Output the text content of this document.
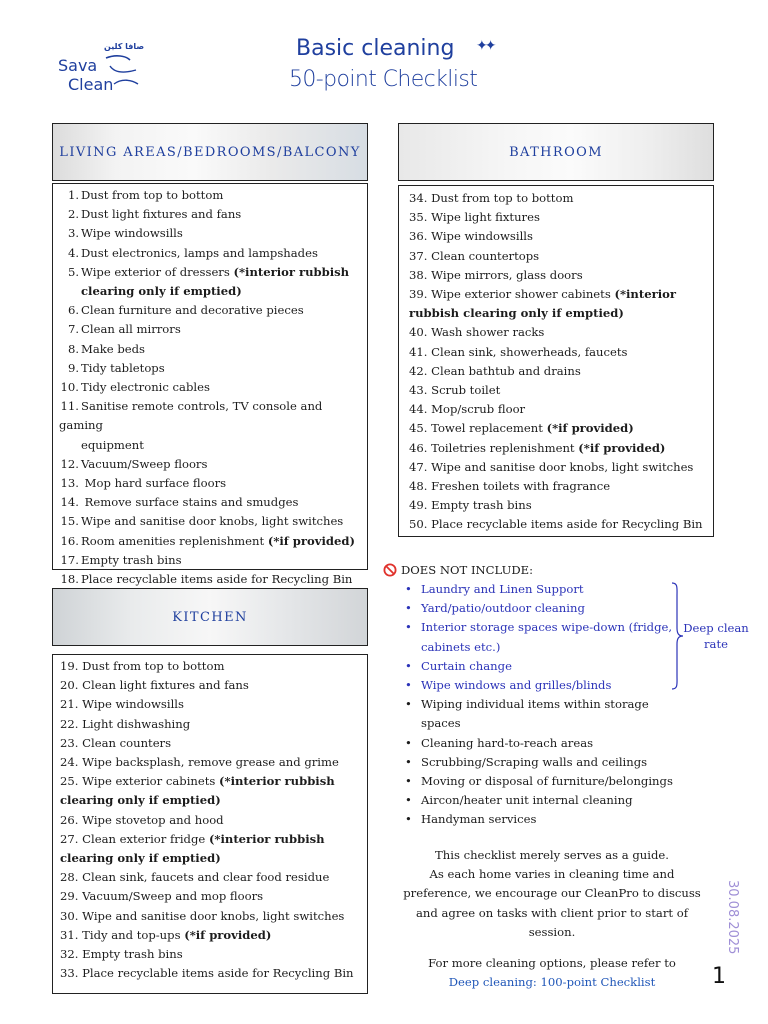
صافا كلين
Sava
Clean
Basic cleaning ✦✦
50-point Checklist
LIVING AREAS/BEDROOMS/BALCONY
1. Dust from top to bottom
2. Dust light fixtures and fans
3. Wipe windowsills
4. Dust electronics, lamps and lampshades
5. Wipe exterior of dressers (*interior rubbish
clearing only if emptied)
6. Clean furniture and decorative pieces
7. Clean all mirrors
8. Make beds
9. Tidy tabletops
10. Tidy electronic cables
11. Sanitise remote controls, TV console and gaming
equipment
12. Vacuum/Sweep floors
13. Mop hard surface floors
14. Remove surface stains and smudges
15. Wipe and sanitise door knobs, light switches
16. Room amenities replenishment (*if provided)
17. Empty trash bins
18. Place recyclable items aside for Recycling Bin
BATHROOM
34. Dust from top to bottom
35. Wipe light fixtures
36. Wipe windowsills
37. Clean countertops
38. Wipe mirrors, glass doors
39. Wipe exterior shower cabinets (*interior
rubbish clearing only if emptied)
40. Wash shower racks
41. Clean sink, showerheads, faucets
42. Clean bathtub and drains
43. Scrub toilet
44. Mop/scrub floor
45. Towel replacement (*if provided)
46. Toiletries replenishment (*if provided)
47. Wipe and sanitise door knobs, light switches
48. Freshen toilets with fragrance
49. Empty trash bins
50. Place recyclable items aside for Recycling Bin
KITCHEN
19. Dust from top to bottom
20. Clean light fixtures and fans
21. Wipe windowsills
22. Light dishwashing
23. Clean counters
24. Wipe backsplash, remove grease and grime
25. Wipe exterior cabinets (*interior rubbish
clearing only if emptied)
26. Wipe stovetop and hood
27. Clean exterior fridge (*interior rubbish
clearing only if emptied)
28. Clean sink, faucets and clear food residue
29. Vacuum/Sweep and mop floors
30. Wipe and sanitise door knobs, light switches
31. Tidy and top-ups (*if provided)
32. Empty trash bins
33. Place recyclable items aside for Recycling Bin
DOES NOT INCLUDE:
• Laundry and Linen Support
• Yard/patio/outdoor cleaning
• Interior storage spaces wipe-down (fridge,
cabinets etc.)
• Curtain change
• Wipe windows and grilles/blinds
• Wiping individual items within storage
spaces
• Cleaning hard-to-reach areas
• Scrubbing/Scraping walls and ceilings
• Moving or disposal of furniture/belongings
• Aircon/heater unit internal cleaning
• Handyman services
Deep clean
rate
This checklist merely serves as a guide.
As each home varies in cleaning time and
preference, we encourage our CleanPro to discuss
and agree on tasks with client prior to start of
session.
For more cleaning options, please refer to
Deep cleaning: 100-point Checklist
30.08.2025
1
